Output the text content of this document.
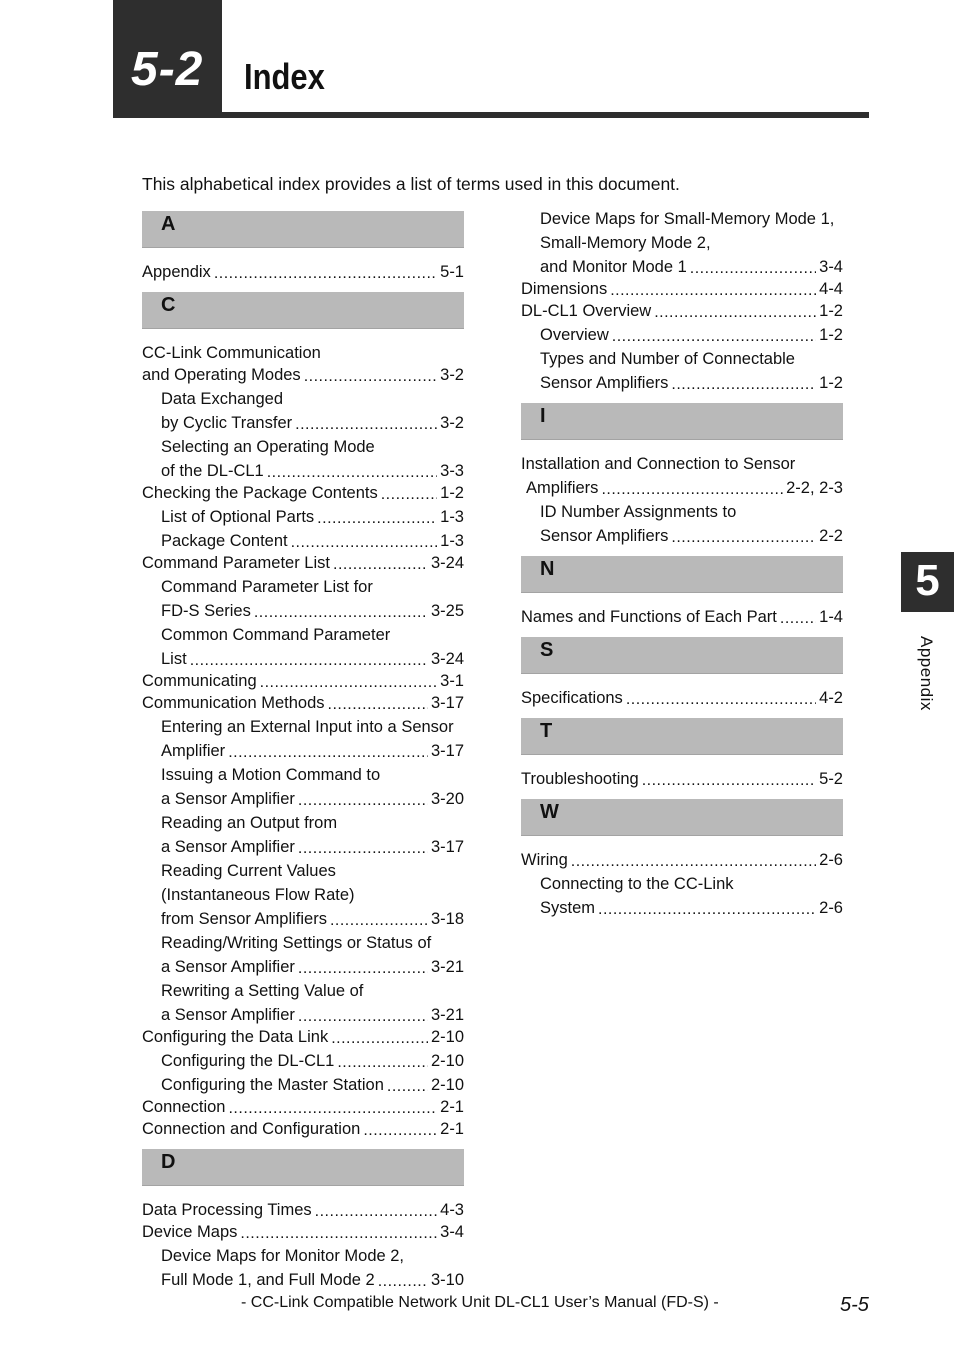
5-2 Index
This alphabetical index provides a list of terms used in this document.
A
Appendix .....	5-1
C
CC-Link Communication
and Operating Modes .....	3-2
Data Exchanged
by Cyclic Transfer .....	3-2
Selecting an Operating Mode
of the DL-CL1 .....	3-3
Checking the Package Contents .....	1-2
List of Optional Parts .....	1-3
Package Content .....	1-3
Command Parameter List .....	3-24
Command Parameter List for
FD-S Series .....	3-25
Common Command Parameter
List .....	3-24
Communicating .....	3-1
Communication Methods .....	3-17
Entering an External Input into a Sensor
Amplifier .....	3-17
Issuing a Motion Command to
a Sensor Amplifier .....	3-20
Reading an Output from
a Sensor Amplifier .....	3-17
Reading Current Values
(Instantaneous Flow Rate)
from Sensor Amplifiers .....	3-18
Reading/Writing Settings or Status of
a Sensor Amplifier .....	3-21
Rewriting a Setting Value of
a Sensor Amplifier .....	3-21
Configuring the Data Link .....	2-10
Configuring the DL-CL1 .....	2-10
Configuring the Master Station .....	2-10
Connection .....	2-1
Connection and Configuration .....	2-1
D
Data Processing Times .....	4-3
Device Maps .....	3-4
Device Maps for Monitor Mode 2,
Full Mode 1, and Full Mode 2 .....	3-10
Device Maps for Small-Memory Mode 1,
Small-Memory Mode 2,
and Monitor Mode 1 .....	3-4
Dimensions .....	4-4
DL-CL1 Overview .....	1-2
Overview .....	1-2
Types and Number of Connectable
Sensor Amplifiers .....	1-2
I
Installation and Connection to Sensor
Amplifiers .....	2-2, 2-3
ID Number Assignments to
Sensor Amplifiers .....	2-2
N
Names and Functions of Each Part .....	1-4
S
Specifications .....	4-2
T
Troubleshooting .....	5-2
W
Wiring .....	2-6
Connecting to the CC-Link
System .....	2-6
5
Appendix
- CC-Link Compatible Network Unit DL-CL1 User’s Manual (FD-S) -	5-5
